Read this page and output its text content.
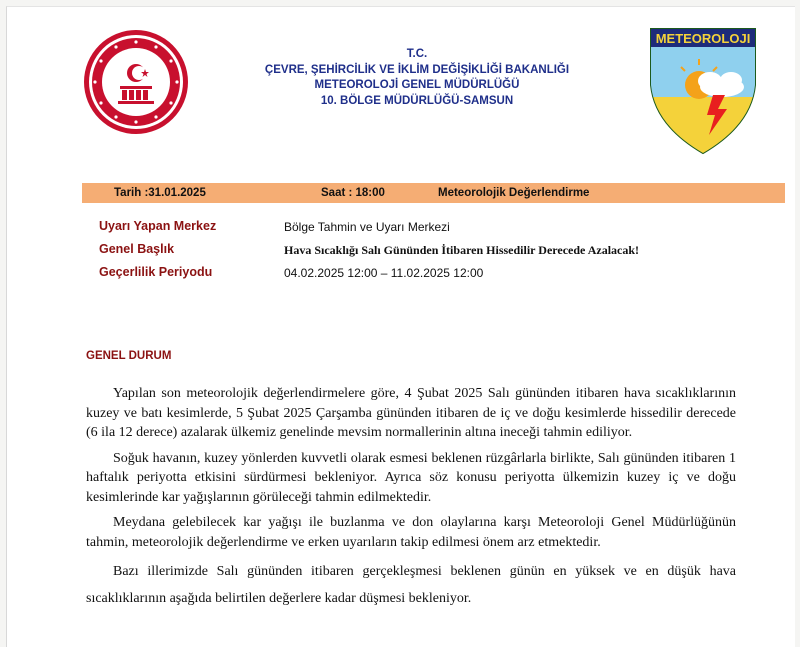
T.C.
ÇEVRE, ŞEHİRCİLİK VE İKLİM DEĞİŞİKLİĞİ BAKANLIĞI
METEOROLOJİ GENEL MÜDÜRLÜĞÜ
10. BÖLGE MÜDÜRLÜĞÜ-SAMSUN
METEOROLOJI
Tarih :31.01.2025	Saat : 18:00	Meteorolojik Değerlendirme
Uyarı Yapan Merkez	Bölge Tahmin ve Uyarı Merkezi
Genel Başlık	Hava Sıcaklığı Salı Gününden İtibaren Hissedilir Derecede Azalacak!
Geçerlilik Periyodu	04.02.2025 12:00 – 11.02.2025 12:00
GENEL DURUM

Yapılan son meteorolojik değerlendirmelere göre, 4 Şubat 2025 Salı gününden itibaren hava sıcaklıklarının kuzey ve batı kesimlerde, 5 Şubat 2025 Çarşamba gününden itibaren de iç ve doğu kesimlerde hissedilir derecede (6 ila 12 derece) azalarak ülkemiz genelinde mevsim normallerinin altına ineceği tahmin ediliyor.

Soğuk havanın, kuzey yönlerden kuvvetli olarak esmesi beklenen rüzgârlarla birlikte, Salı gününden itibaren 1 haftalık periyotta etkisini sürdürmesi bekleniyor. Ayrıca söz konusu periyotta ülkemizin kuzey iç ve doğu kesimlerinde kar yağışlarının görüleceği tahmin edilmektedir.

Meydana gelebilecek kar yağışı ile buzlanma ve don olaylarına karşı Meteoroloji Genel Müdürlüğünün tahmin, meteorolojik değerlendirme ve erken uyarıların takip edilmesi önem arz etmektedir.

Bazı illerimizde Salı gününden itibaren gerçekleşmesi beklenen günün en yüksek ve en düşük hava sıcaklıklarının aşağıda belirtilen değerlere kadar düşmesi bekleniyor.
